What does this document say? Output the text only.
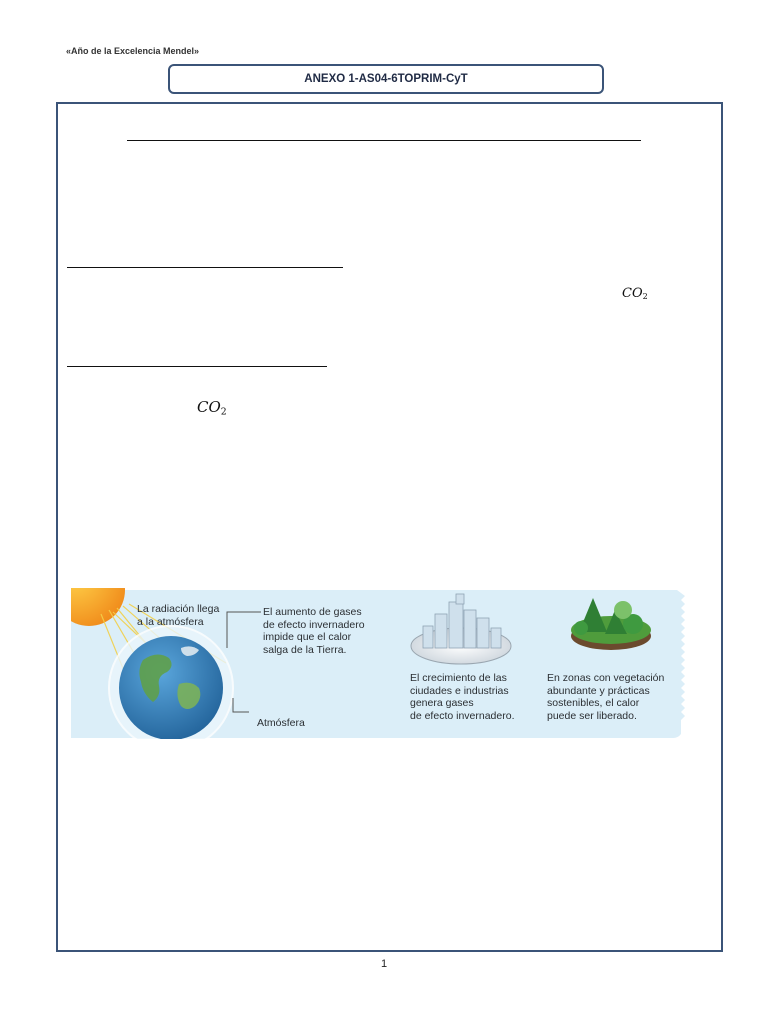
«Año de la Excelencia Mendel»
ANEXO 1-AS04-6TOPRIM-CyT
$CO_2$
$CO_2$
La radiación llega
a la atmósfera
El aumento de gases
de efecto invernadero
impide que el calor
salga de la Tierra.
Atmósfera
El crecimiento de las
ciudades e industrias
genera gases
de efecto invernadero.
En zonas con vegetación
abundante y prácticas
sostenibles, el calor
puede ser liberado.
1
